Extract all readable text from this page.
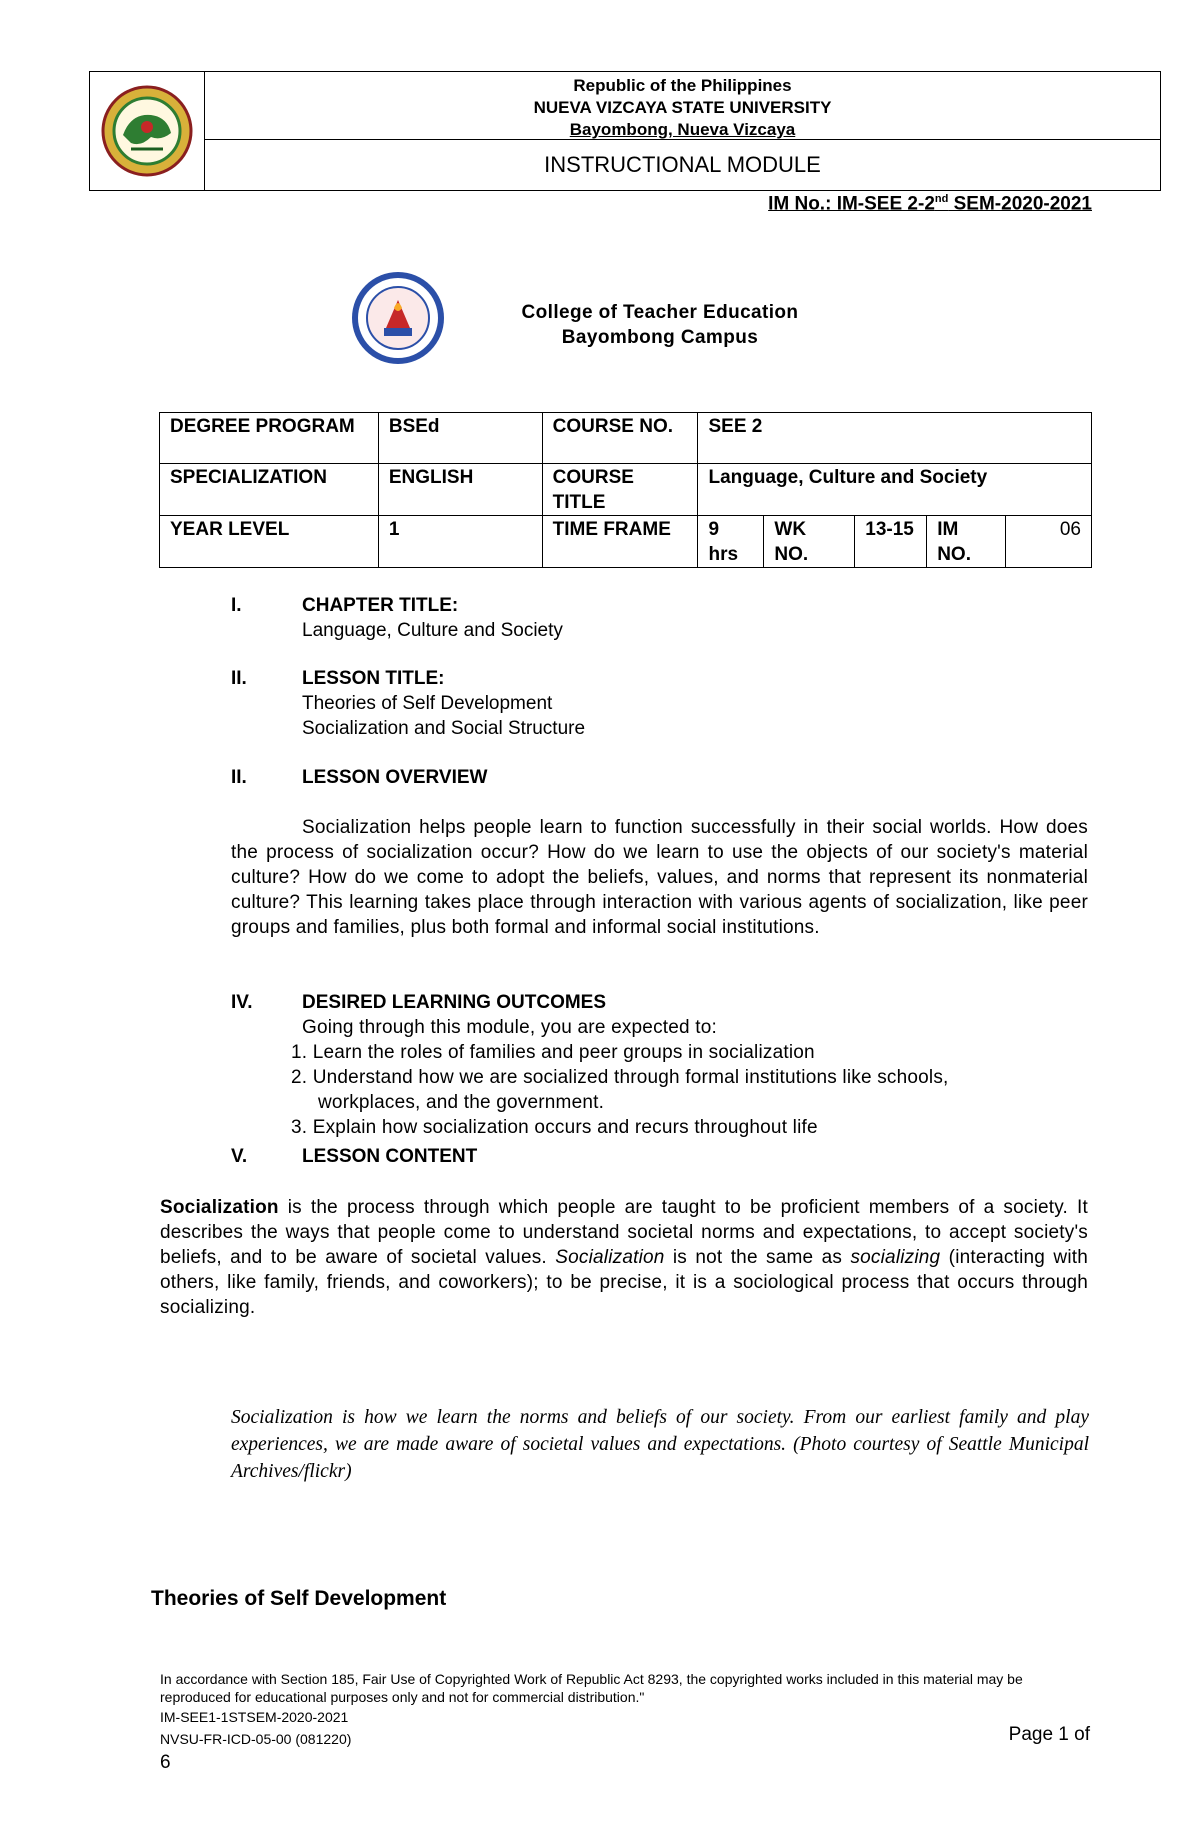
Republic of the Philippines
NUEVA VIZCAYA STATE UNIVERSITY
Bayombong, Nueva Vizcaya
INSTRUCTIONAL MODULE
IM No.: IM-SEE 2-2nd SEM-2020-2021
College of Teacher Education
Bayombong Campus
DEGREE PROGRAM	BSEd	COURSE NO.	SEE 2				
SPECIALIZATION	ENGLISH	COURSE TITLE	Language, Culture and Society				
YEAR LEVEL	1	TIME FRAME	9 hrs	WK NO.	13-15	IM NO.	06
I.	CHAPTER TITLE:
Language, Culture and Society
II.	LESSON TITLE:
Theories of Self Development
Socialization and Social Structure
II.	LESSON OVERVIEW
Socialization helps people learn to function successfully in their social worlds. How does the process of socialization occur? How do we learn to use the objects of our society's material culture? How do we come to adopt the beliefs, values, and norms that represent its nonmaterial culture? This learning takes place through interaction with various agents of socialization, like peer groups and families, plus both formal and informal social institutions.
IV.	DESIRED LEARNING OUTCOMES
Going through this module, you are expected to:
1. Learn the roles of families and peer groups in socialization
2. Understand how we are socialized through formal institutions like schools, workplaces, and the government.
3. Explain how socialization occurs and recurs throughout life
V.	LESSON CONTENT
Socialization is the process through which people are taught to be proficient members of a society. It describes the ways that people come to understand societal norms and expectations, to accept society's beliefs, and to be aware of societal values. Socialization is not the same as socializing (interacting with others, like family, friends, and coworkers); to be precise, it is a sociological process that occurs through socializing.
Socialization is how we learn the norms and beliefs of our society. From our earliest family and play experiences, we are made aware of societal values and expectations. (Photo courtesy of Seattle Municipal Archives/flickr)
Theories of Self Development
In accordance with Section 185, Fair Use of Copyrighted Work of Republic Act 8293, the copyrighted works included in this material may be reproduced for educational purposes only and not for commercial distribution."
IM-SEE1-1STSEM-2020-2021
NVSU-FR-ICD-05-00 (081220)	Page 1 of
6
